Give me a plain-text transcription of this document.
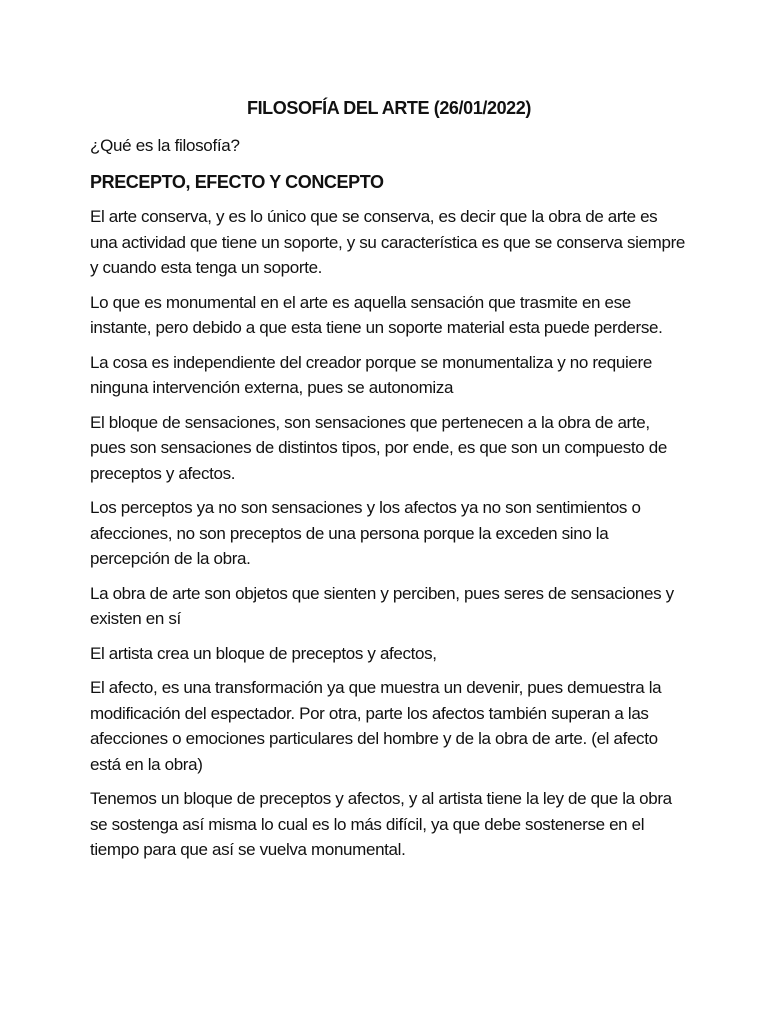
FILOSOFÍA DEL ARTE (26/01/2022)

¿Qué es la filosofía?

PRECEPTO, EFECTO Y CONCEPTO

El arte conserva, y es lo único que se conserva, es decir que la obra de arte es una actividad que tiene un soporte, y su característica es que se conserva siempre y cuando esta tenga un soporte.

Lo que es monumental en el arte es aquella sensación que trasmite en ese instante, pero debido a que esta tiene un soporte material esta puede perderse.

La cosa es independiente del creador porque se monumentaliza y no requiere ninguna intervención externa, pues se autonomiza

El bloque de sensaciones, son sensaciones que pertenecen a la obra de arte, pues son sensaciones de distintos tipos, por ende, es que son un compuesto de preceptos y afectos.

Los perceptos ya no son sensaciones y los afectos ya no son sentimientos o afecciones, no son preceptos de una persona porque la exceden sino la percepción de la obra.

La obra de arte son objetos que sienten y perciben, pues seres de sensaciones y existen en sí

El artista crea un bloque de preceptos y afectos,

El afecto, es una transformación ya que muestra un devenir, pues demuestra la modificación del espectador. Por otra, parte los afectos también superan a las afecciones o emociones particulares del hombre y de la obra de arte. (el afecto está en la obra)

Tenemos un bloque de preceptos y afectos, y al artista tiene la ley de que la obra se sostenga así misma lo cual es lo más difícil, ya que debe sostenerse en el tiempo para que así se vuelva monumental.
